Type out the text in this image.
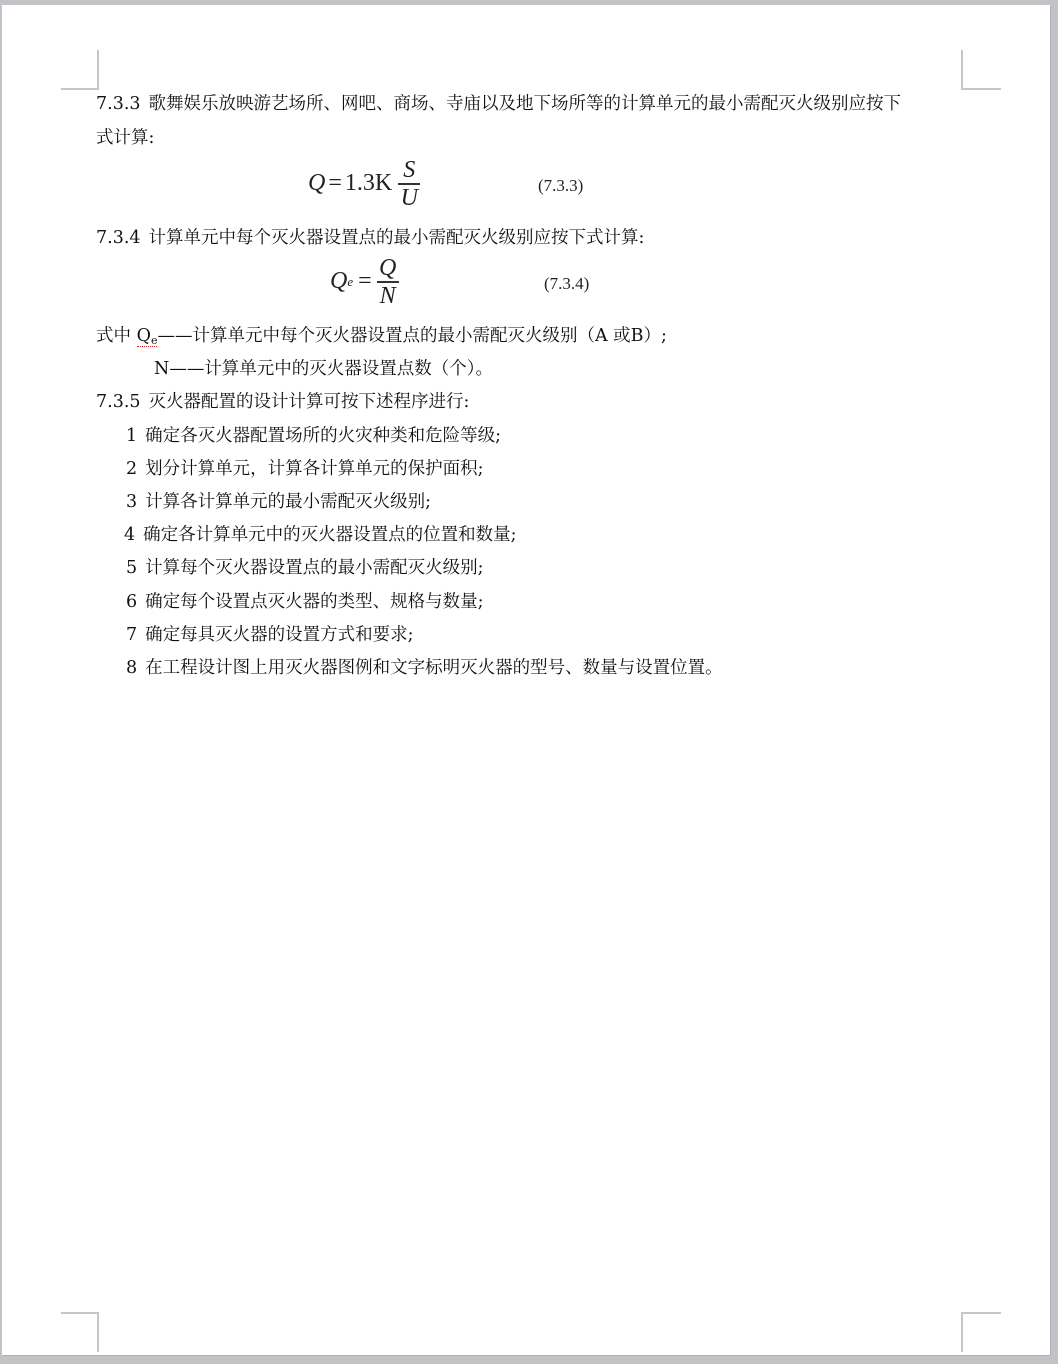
7.3.3 歌舞娱乐放映游艺场所、网吧、商场、寺庙以及地下场所等的计算单元的最小需配灭火级别应按下
式计算:
$Q = 1.3K \frac{S}{U}$	(7.3.3)
7.3.4 计算单元中每个灭火器设置点的最小需配灭火级别应按下式计算:
Q $e = \frac{Q}{N}$	(7.3.4)
式中 $Q_e——$计算单元中每个灭火器设置点的最小需配灭火级别（A 或B）;
N——计算单元中的灭火器设置点数（个）。
7.3.5 灭火器配置的设计计算可按下述程序进行:
1 确定各灭火器配置场所的火灾种类和危险等级;
2 划分计算单元，计算各计算单元的保护面积;
3 计算各计算单元的最小需配灭火级别;
4 确定各计算单元中的灭火器设置点的位置和数量;
5 计算每个灭火器设置点的最小需配灭火级别;
6 确定每个设置点灭火器的类型、规格与数量;
7 确定每具灭火器的设置方式和要求;
8 在工程设计图上用灭火器图例和文字标明灭火器的型号、数量与设置位置。
